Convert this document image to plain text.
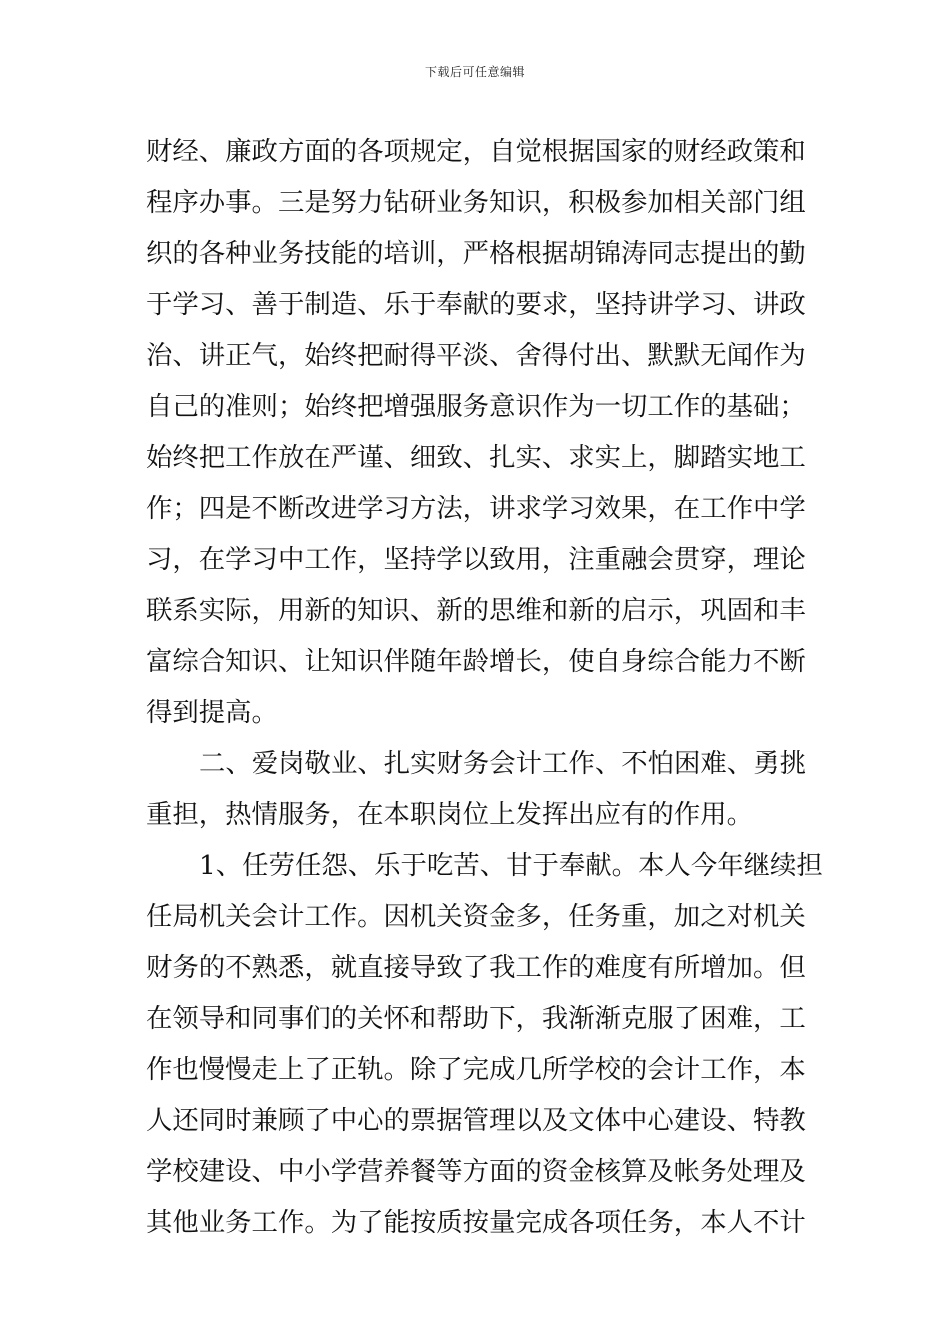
下载后可任意编辑
财经、廉政方面的各项规定，自觉根据国家的财经政策和
程序办事。三是努力钻研业务知识，积极参加相关部门组
织的各种业务技能的培训，严格根据胡锦涛同志提出的勤
于学习、善于制造、乐于奉献的要求，坚持讲学习、讲政
治、讲正气，始终把耐得平淡、舍得付出、默默无闻作为
自己的准则；始终把增强服务意识作为一切工作的基础；
始终把工作放在严谨、细致、扎实、求实上，脚踏实地工
作；四是不断改进学习方法，讲求学习效果，在工作中学
习，在学习中工作，坚持学以致用，注重融会贯穿，理论
联系实际，用新的知识、新的思维和新的启示，巩固和丰
富综合知识、让知识伴随年龄增长，使自身综合能力不断
得到提高。
二、爱岗敬业、扎实财务会计工作、不怕困难、勇挑
重担，热情服务，在本职岗位上发挥出应有的作用。
1、任劳任怨、乐于吃苦、甘于奉献。本人今年继续担
任局机关会计工作。因机关资金多，任务重，加之对机关
财务的不熟悉，就直接导致了我工作的难度有所增加。但
在领导和同事们的关怀和帮助下，我渐渐克服了困难，工
作也慢慢走上了正轨。除了完成几所学校的会计工作，本
人还同时兼顾了中心的票据管理以及文体中心建设、特教
学校建设、中小学营养餐等方面的资金核算及帐务处理及
其他业务工作。为了能按质按量完成各项任务，本人不计
